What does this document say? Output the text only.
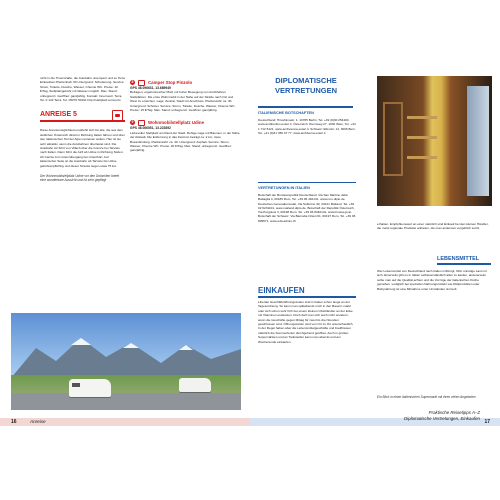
nicht in die Timerstraße, die Autobahn unterquert und so Terra Einkaufsen Platzenhalt: 60 Untergrund: Schotterung. Service: Strom, Toilette, Dusche, Wasser, Chemie WC. Preise: 10 €/Tag, Stellplatzgebühr mit Wasser möglich. Max. Stand: unbegrenzt. Geöffnet: ganzjährig. Kontakt: Innernestr. Terra, Tel. 0 132 Terra, Tel. 05270 50161 http://stellplatz-terra.info

ANREISE 5

Diese Anreisemöglichkeit empfiehlt sich für alle, die aus dem südlichen Österreich direkt in Richtung Italien fahren und über den italienischen Teil der Alpen anreisen wollen. Hier ist sie sehr attraktiv, wenn die Autobahnen überlastet sind. Die Autobahn A2 führt von Villach über die Grenze bei Tarvisio nach Italien. Dann führt die A23 ab Udine in Richtung Süden. Ab Carnia zum Grenzübergang bei Unterthörl. Auf italienischer Seite ist die Autobahn ab Tarvisio bis Udine gebührenpflichtig. Auf dieser Strecke liegen etwa 75 km.

Der Wohnmobilstellplatz Udine vor den Dolomiten bietet eine wunderbare Aussicht und ist sehr gepflegt

8	Camper Stop Pinzolo
GPS 46.096631, 13.689949

Befragen, ergebnisreicher Platz mit hoher Bewegung von durchfahren Stellplätzen. Die erste Wohnmobil in der Nähe auf der Straße nach Ost und West zu erreichen. Lage: Zentral, Stadt mit Anschluss. Platzanzahl: ca. 30. Untergrund: Schotter. Service: Strom, Toilette, Dusche, Wasser, Chemie WC. Preise: 15 €/Tag. Max. Stand: unbegrenzt. Geöffnet: ganzjährig.

9	Wohnmobilstellplatz Udine
GPS 46.066551, 13.222892

Liebevoller Stellplatz am Rand der Stadt. Ruhige Lage mit Bäumen, in der Nähe der Altstadt. Die Entfernung in das Zentrum beträgt ca. 2 km. Gute Busanbindung. Platzanzahl: ca. 40. Untergrund: Asphalt. Service: Strom, Wasser, Chemie WC. Preise: 20 €/Tag. Max. Stand: unbegrenzt. Geöffnet: ganzjährig.

16	Anreise
DIPLOMATISCHE VERTRETUNGEN
ITALIENISCHE BOTSCHAFTEN

Deutschland: Hiroshimastr. 1, 10785 Berlin, Tel. +49 (0)30 254400, www.ambberlino.esteri.it. Österreich: Rennweg 27, 1030 Wien, Tel. +43 1 712 5121, www.ambvienna.esteri.it. Schweiz: Elfenstr. 14, 3006 Bern, Tel. +41 (0)31 350 07 77, www.ambberna.esteri.it

VERTRETUNGEN IN ITALIEN

Botschaft der Bundesrepublik Deutschland, Via San Martino della Battaglia 4, 00185 Rom, Tel. +39 06 492131, www.rom.diplo.de. Deutsches Generalkonsulat, Via Solferino 40, 20121 Mailand, Tel. +39 02 6231101, www.mailand.diplo.de. Botschaft der Republik Österreich, Via Pergolesi 3, 00198 Rom, Tel. +39 06 8440141, www.bmeia.gv.at. Botschaft der Schweiz, Via Barnaba Oriani 61, 00197 Rom, Tel. +39 06 809571, www.eda.admin.ch

EINKAUFEN

Liberale Geschäftsöffnungszeiten sind in Italien schon lange an der Tagesordnung. So kann man spätabends noch in den Bauern-markt oder sich schon sehr früh bei einem kleinen Obsthändler an der Ecke mit Vitaminen eindecken. Doch darf man sich auch nicht wundern, wenn die Geschäfte gegen Mittag für zwei bis drei Stunden geschlossen sind. Öffnungszeiten sind von Ort zu Ort unterschiedlich. In der Regel haben aber die Lebensmittelgeschäfte und Kaufhäuser natürlich die Sommerferien durchgehend geöffnet. Auch in großen Supermärkten und an Tankstellen kann man abends und am Wochenende einkaufen.

erhalten. Empfehlenswert an einer natürlich sind Einkauf bei den kleinen Händler, die meist regionale Produkte anbieten, die man anderswo vergeblich sucht.

LEBENSMITTEL

Wer Lebensmittel von Deutschland nach Italien mitbringt, führt unnötige Last mit sich. Einerseits gibt es in Italien selbstverständlich alles zu kaufen, andererseits sollte man auf die Qualität achten und die Vorzüge der italienischen Küche genießen. Lediglich bei speziellen Nahrungsmitteln wie Diätprodukten oder Babynahrung ist eine Mitnahme unter Umständen sinnvoll.

Ein Blick in einen italienischen Supermarkt mit ihren vielen Angeboten

Praktische Reisetipps A–Z
Diplomatische Vertretungen, Einkaufen
17
